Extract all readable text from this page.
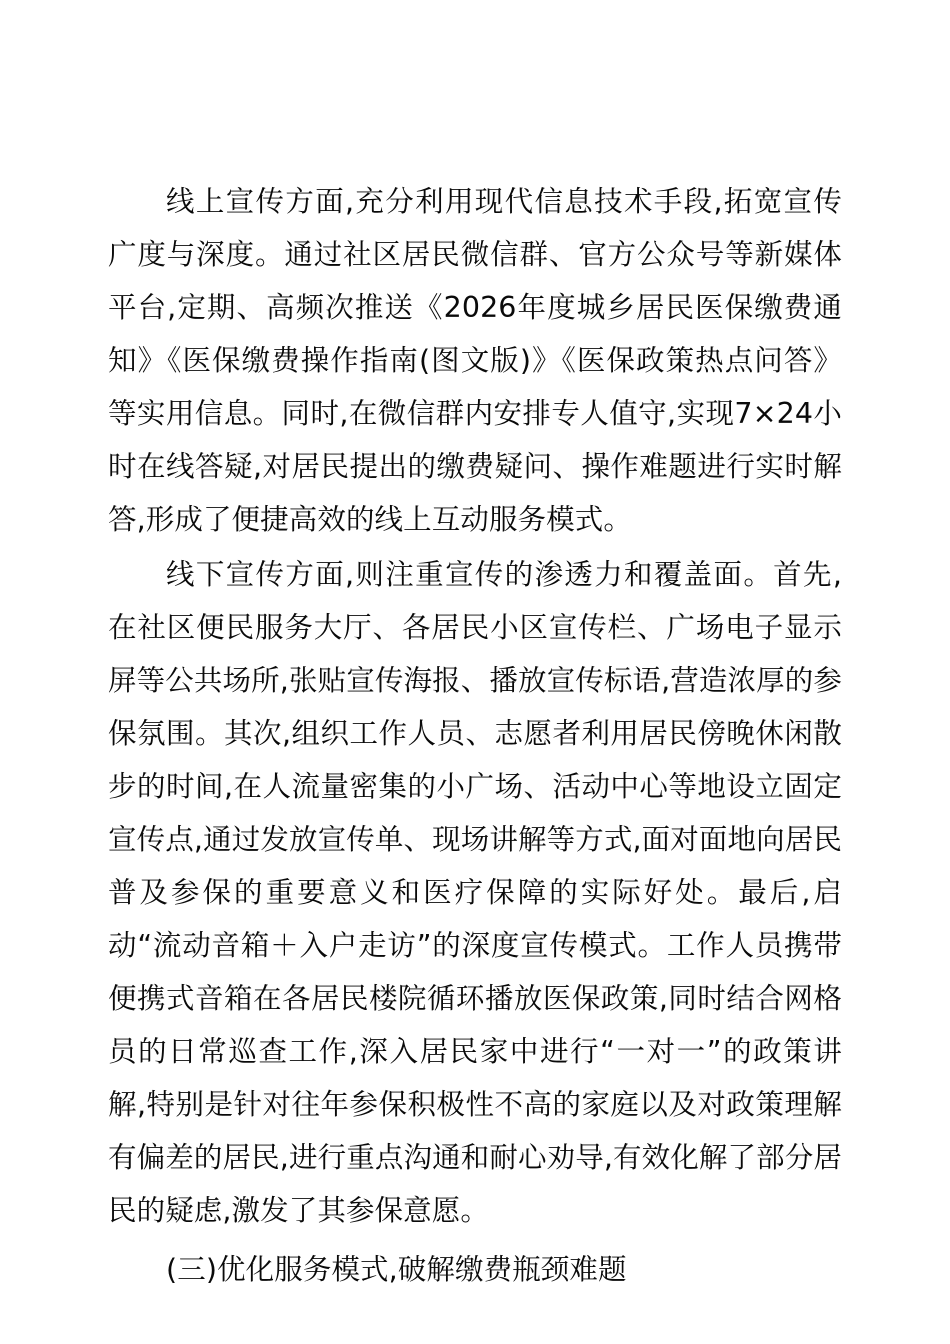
线上宣传方面,充分利用现代信息技术手段,拓宽宣传广度与深度。通过社区居民微信群、官方公众号等新媒体平台,定期、高频次推送《2026年度城乡居民医保缴费通知》《医保缴费操作指南(图文版)》《医保政策热点问答》等实用信息。同时,在微信群内安排专人值守,实现7×24小时在线答疑,对居民提出的缴费疑问、操作难题进行实时解答,形成了便捷高效的线上互动服务模式。

线下宣传方面,则注重宣传的渗透力和覆盖面。首先,在社区便民服务大厅、各居民小区宣传栏、广场电子显示屏等公共场所,张贴宣传海报、播放宣传标语,营造浓厚的参保氛围。其次,组织工作人员、志愿者利用居民傍晚休闲散步的时间,在人流量密集的小广场、活动中心等地设立固定宣传点,通过发放宣传单、现场讲解等方式,面对面地向居民普及参保的重要意义和医疗保障的实际好处。最后,启动“流动音箱＋入户走访”的深度宣传模式。工作人员携带便携式音箱在各居民楼院循环播放医保政策,同时结合网格员的日常巡查工作,深入居民家中进行“一对一”的政策讲解,特别是针对往年参保积极性不高的家庭以及对政策理解有偏差的居民,进行重点沟通和耐心劝导,有效化解了部分居民的疑虑,激发了其参保意愿。

(三)优化服务模式,破解缴费瓶颈难题
